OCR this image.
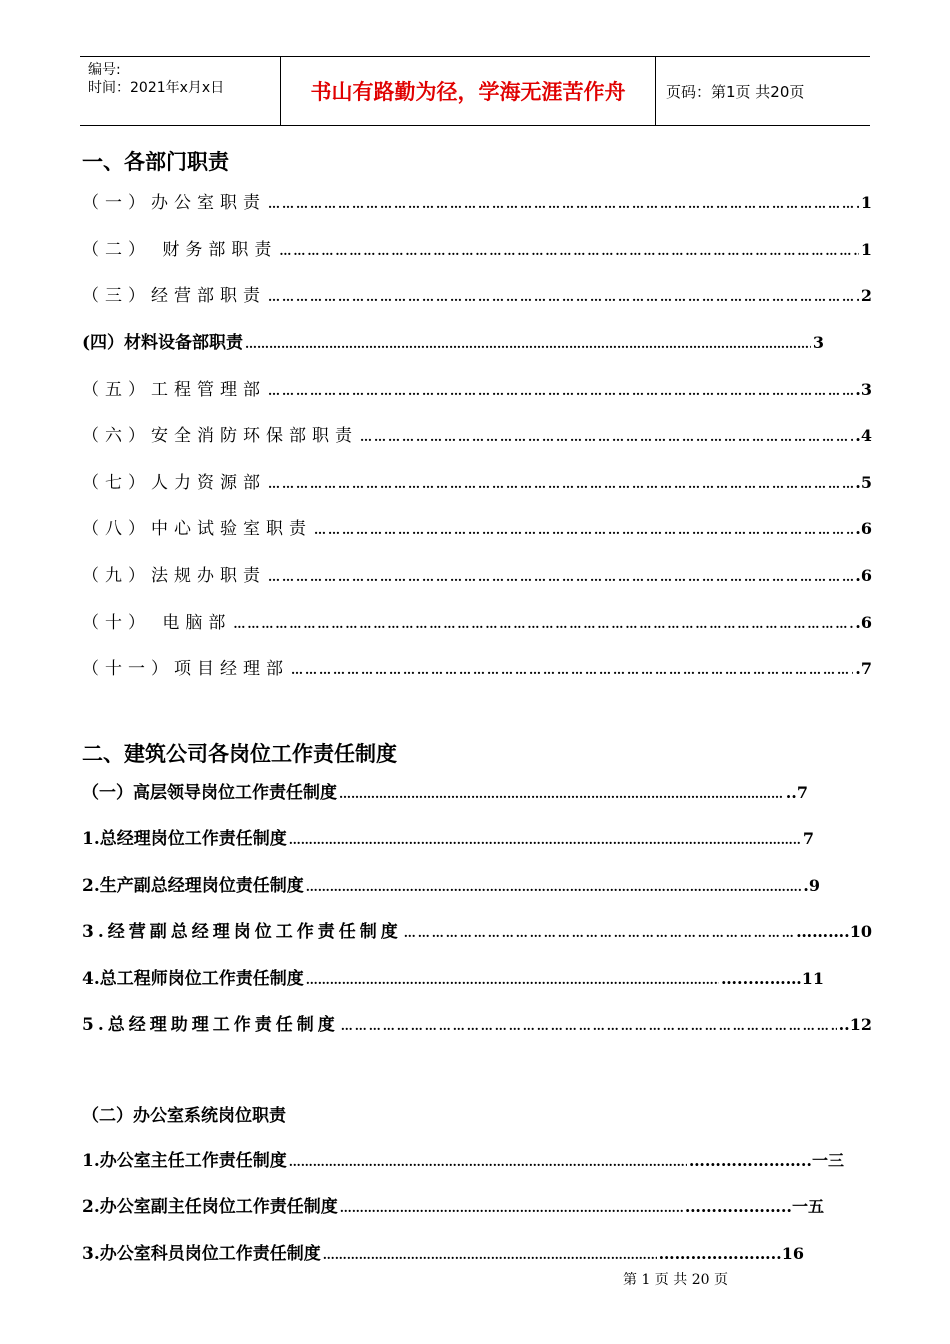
编号:
时间：2021年x月x日	书山有路勤为径，学海无涯苦作舟	页码：第1页 共20页
一、各部门职责
（一）办公室职责 …………………………………………………………………………………………………………………………………………………………………………	1
（二） 财务部职责 …………………………………………………………………………………………………………………………………………………………………………	1
（三）经营部职责 …………………………………………………………………………………………………………………………………………………………………………	2
(四）材料设备部职责 …………………………………………………………………………………………………………………………………………………………………………………………………………	3
（五）工程管理部 …………………………………………………………………………………………………………………………………………………………………………	.3
（六）安全消防环保部职责 …………………………………………………………………………………………………………………………………………………………………………	.4
（七）人力资源部 …………………………………………………………………………………………………………………………………………………………………………	.5
（八）中心试验室职责 …………………………………………………………………………………………………………………………………………………………………………	.6
（九）法规办职责 …………………………………………………………………………………………………………………………………………………………………………	.6
（十） 电脑部 …………………………………………………………………………………………………………………………………………………………………………	.6
（十一）项目经理部 …………………………………………………………………………………………………………………………………………………………………………	.7
二、建筑公司各岗位工作责任制度
（一）高层领导岗位工作责任制度 …………………………………………………………………………………………………………………………………………………………………………………………………………	..7
1.总经理岗位工作责任制度 …………………………………………………………………………………………………………………………………………………………………………………………………………	7
2.生产副总经理岗位责任制度 …………………………………………………………………………………………………………………………………………………………………………………………………………	.9
3.经营副总经理岗位工作责任制度 …………………………………………………………………………………………………………………………………………………………………………	……….10
4.总工程师岗位工作责任制度 …………………………………………………………………………………………………………………………………………………………………………………………………………	…...………11
5.总经理助理工作责任制度 …………………………………………………………………………………………………………………………………………………………………………	..12
（二）办公室系统岗位职责
1.办公室主任工作责任制度 …………………………………………………………………………………………………………………………………………………………………………………………………………	…………………..一三
2.办公室副主任岗位工作责任制度 …………………………………………………………………………………………………………………………………………………………………………………………………………	………………..一五
3.办公室科员岗位工作责任制度 …………………………………………………………………………………………………………………………………………………………………………………………………………	…………………..16
第 1 页 共 20 页
